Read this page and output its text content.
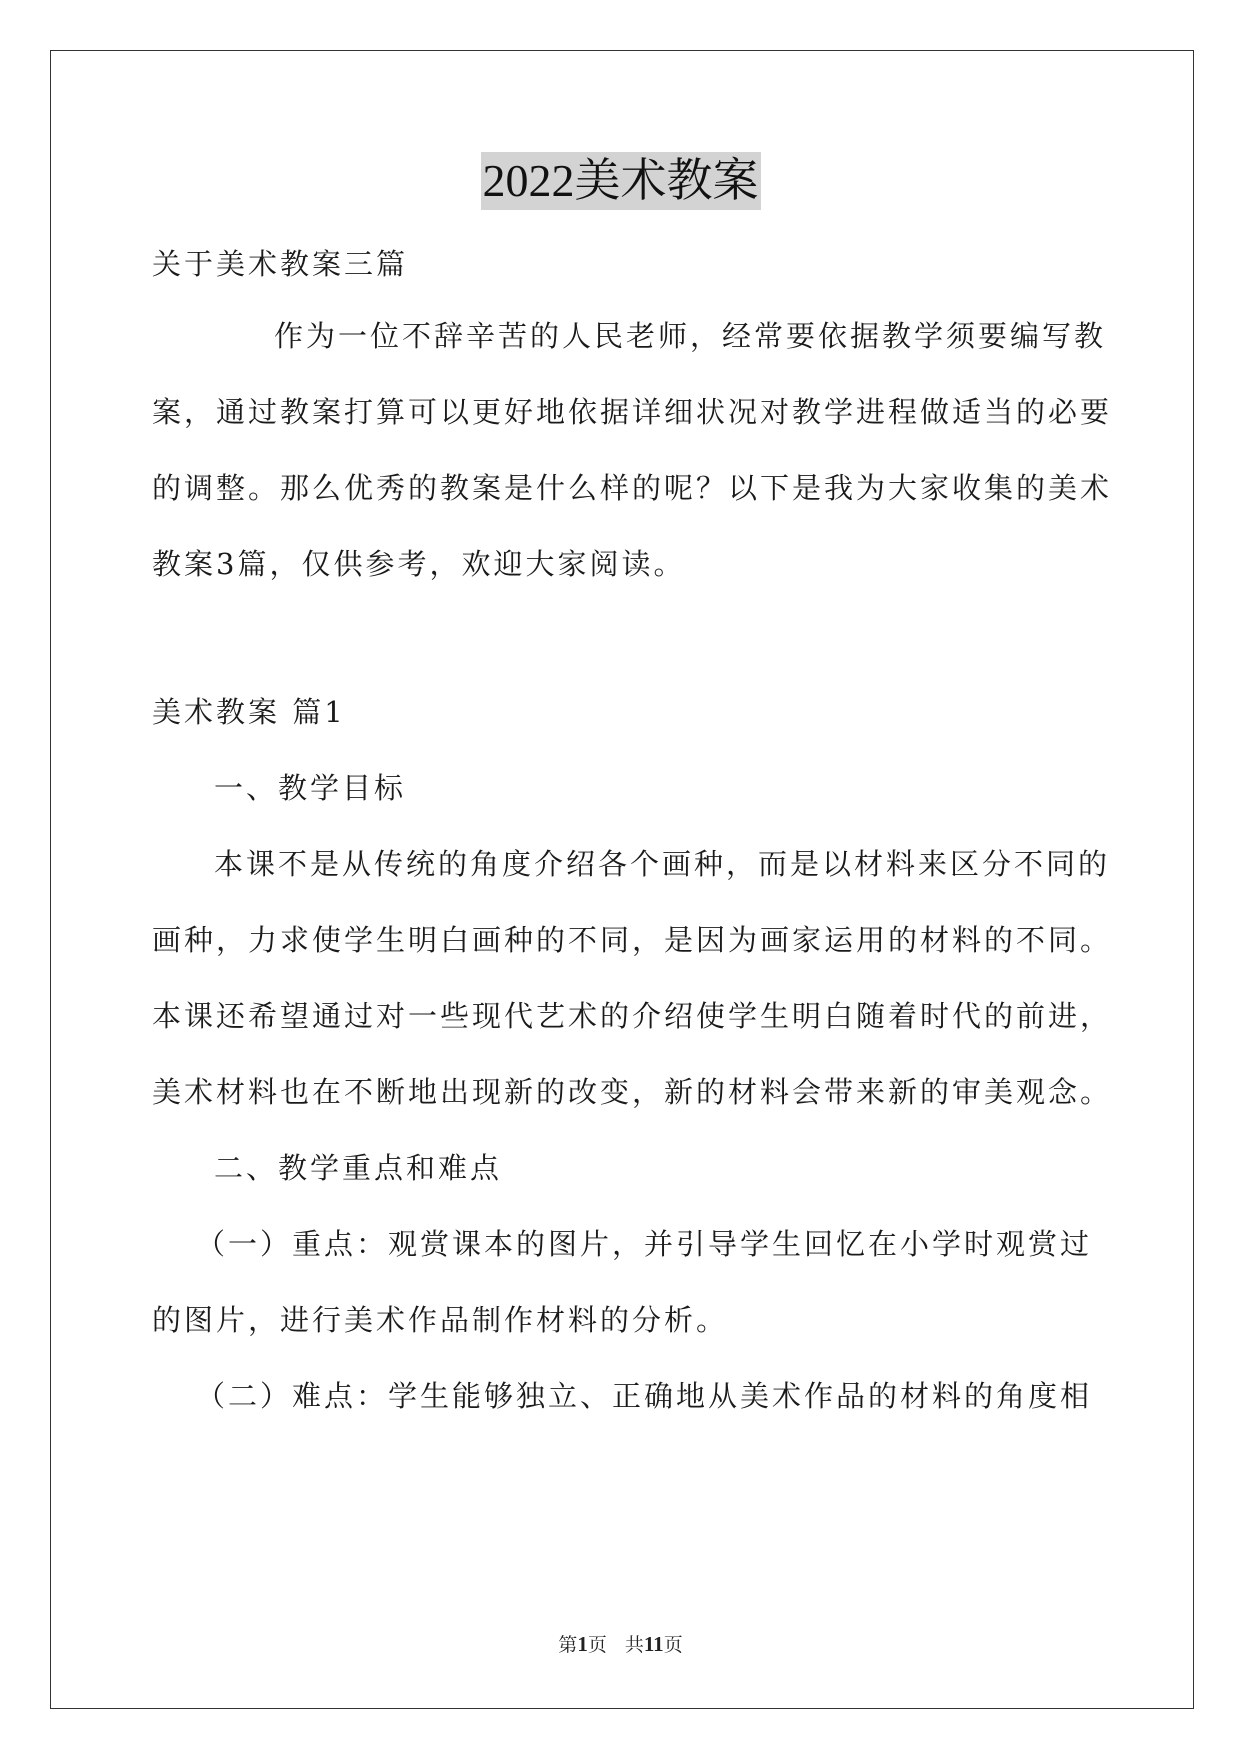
2022美术教案
关于美术教案三篇
作为一位不辞辛苦的人民老师，经常要依据教学须要编写教
案，通过教案打算可以更好地依据详细状况对教学进程做适当的必要
的调整。那么优秀的教案是什么样的呢？以下是我为大家收集的美术
教案3篇，仅供参考，欢迎大家阅读。
美术教案 篇1
一、教学目标
本课不是从传统的角度介绍各个画种，而是以材料来区分不同的
画种，力求使学生明白画种的不同，是因为画家运用的材料的不同。
本课还希望通过对一些现代艺术的介绍使学生明白随着时代的前进，
美术材料也在不断地出现新的改变，新的材料会带来新的审美观念。
二、教学重点和难点
（一）重点：观赏课本的图片，并引导学生回忆在小学时观赏过
的图片，进行美术作品制作材料的分析。
（二）难点：学生能够独立、正确地从美术作品的材料的角度相
第1页 共11页
